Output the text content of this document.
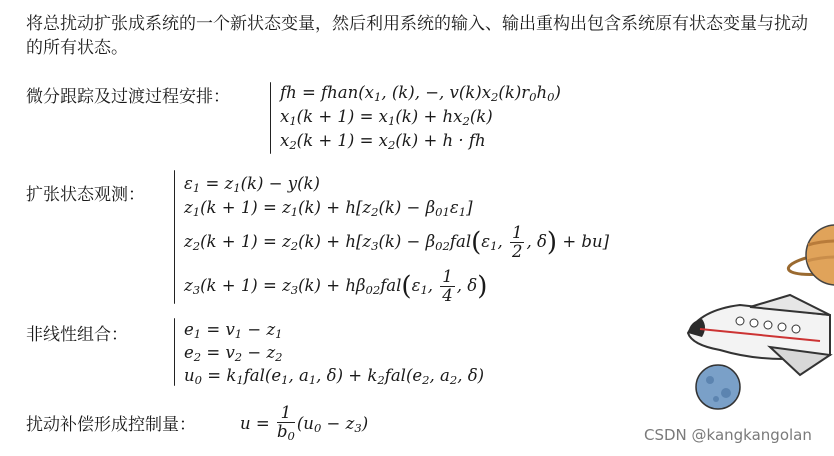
将总扰动扩张成系统的一个新状态变量，然后利用系统的输入、输出重构出包含系统原有状态变量与扰动的所有状态。
微分跟踪及过渡过程安排：	fh = $fhan(x_1$, (k), −, $v(k)x_2(k)r_0h_0$)
$x_1(k + 1) = x_1(k) + hx_2(k)$
$x_2(k + 1) = x_2(k) + h$ · fh
扩张状态观测：
$\varepsilon_1 = z_1(k) - y(k)$
$z_1(k + 1) = z_1(k) + h[z_2(k) - \beta_{01}\varepsilon_1]$
$z_2(k + 1) = z_2(k) + h[z_3(k) - \beta_{02}fal(\varepsilon_1$, $\frac{1}{2}$ , δ) + bu]
$z_3(k + 1) = z_3(k) + h\beta_{02}fal(\varepsilon_1$, $\frac{1}{4}$ , δ)
非线性组合：	$e_1 = v_1 - z_1$
$e_2 = v_2 - z_2$
$u_0 = k_1fal(e_1$, $a_1$, $\delta) + k_2fal(e_2$, $a_2$, δ)
扰动补偿形成控制量：	$u = \frac{1}{b_0} (u_0 - z_3)$
CSDN @kangkangolan
